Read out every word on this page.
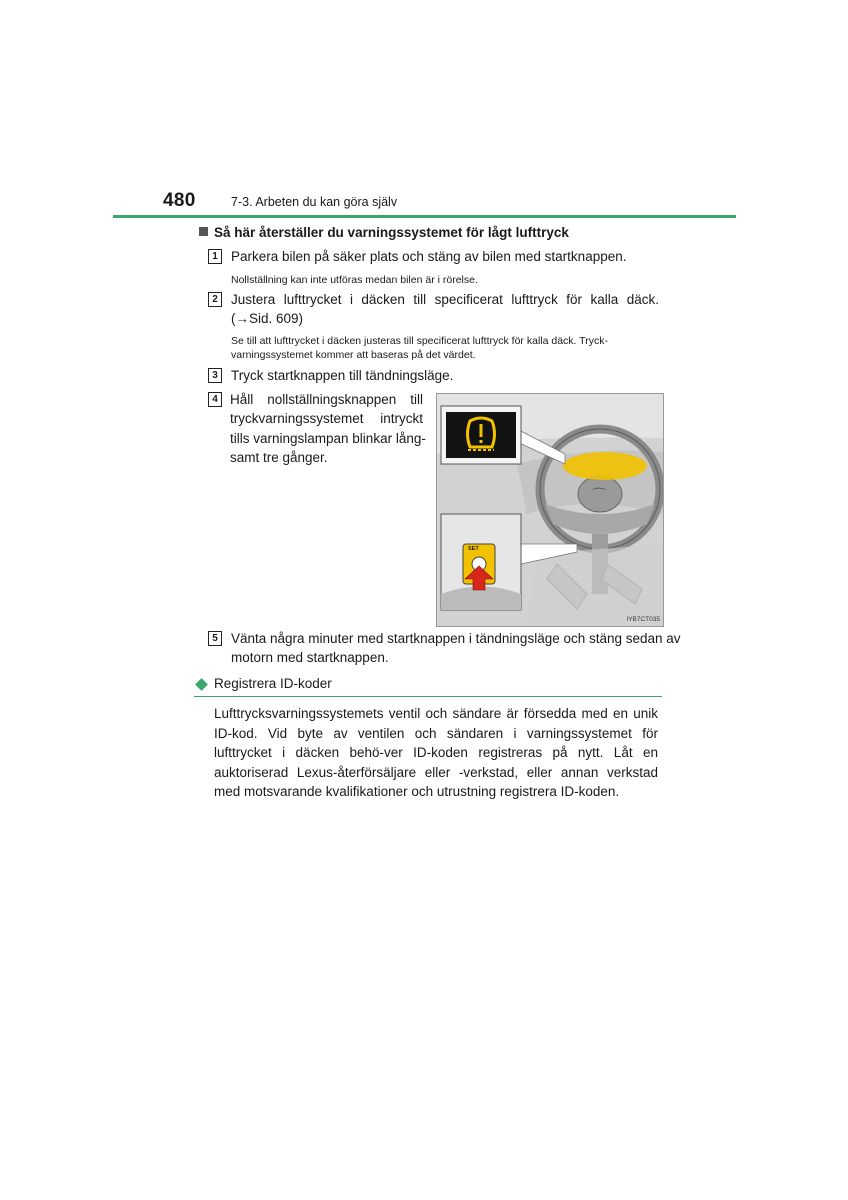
480	7-3. Arbeten du kan göra själv
Så här återställer du varningssystemet för lågt lufttryck
1 Parkera bilen på säker plats och stäng av bilen med startknappen.
Nollställning kan inte utföras medan bilen är i rörelse.
2 Justera lufttrycket i däcken till specificerat lufttryck för kalla däck.
(→Sid. 609)
Se till att lufttrycket i däcken justeras till specificerat lufttryck för kalla däck. Tryck-
varningssystemet kommer att baseras på det värdet.
3 Tryck startknappen till tändningsläge.
4 Håll nollställningsknappen till
tryckvarningssystemet intryckt
tills varningslampan blinkar lång-
samt tre gånger.
⌒
SET
IYB7CT035
5 Vänta några minuter med startknappen i tändningsläge och stäng sedan av
motorn med startknappen.
Registrera ID-koder
Lufttrycksvarningssystemets ventil och sändare är försedda med en unik ID-kod. Vid byte av ventilen och sändaren i varningssystemet för lufttrycket i däcken behö-ver ID-koden registreras på nytt. Låt en auktoriserad Lexus-återförsäljare eller -verkstad, eller annan verkstad med motsvarande kvalifikationer och utrustning registrera ID-koden.
